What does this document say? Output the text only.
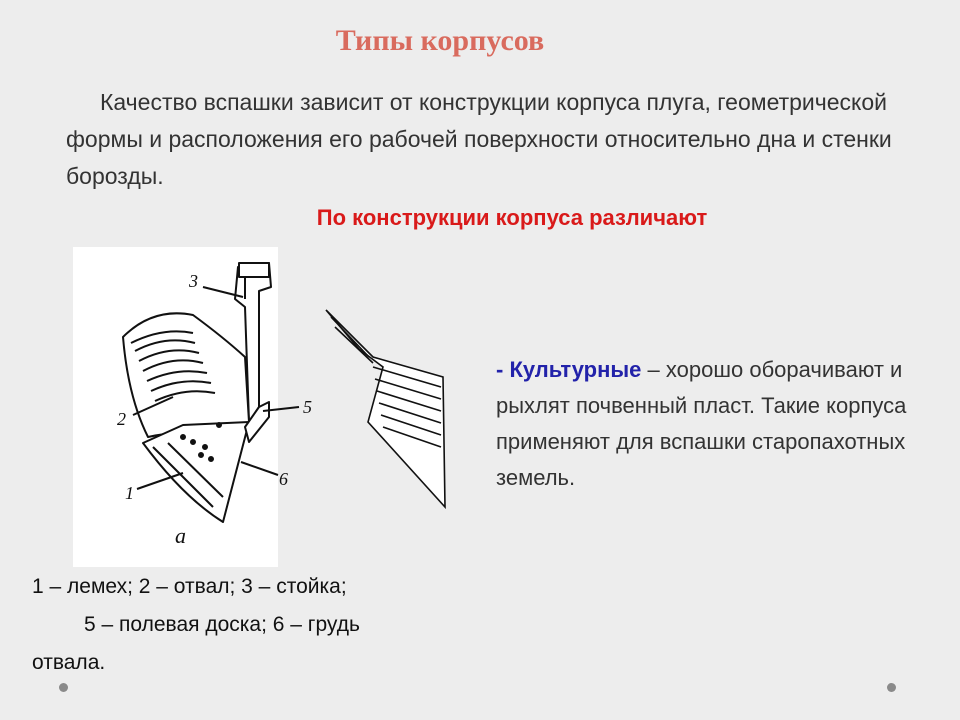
Типы корпусов
Качество вспашки зависит от конструкции корпуса плуга, геометрической формы и расположения его рабочей поверхности относительно дна и стенки борозды.
По конструкции корпуса различают
3
2
5
6
1
а
- Культурные – хорошо оборачивают и рыхлят почвенный пласт. Такие корпуса применяют для вспашки старопахотных земель.
1 – лемех; 2 – отвал; 3 – стойка;
5 – полевая доска; 6 – грудь
отвала.
